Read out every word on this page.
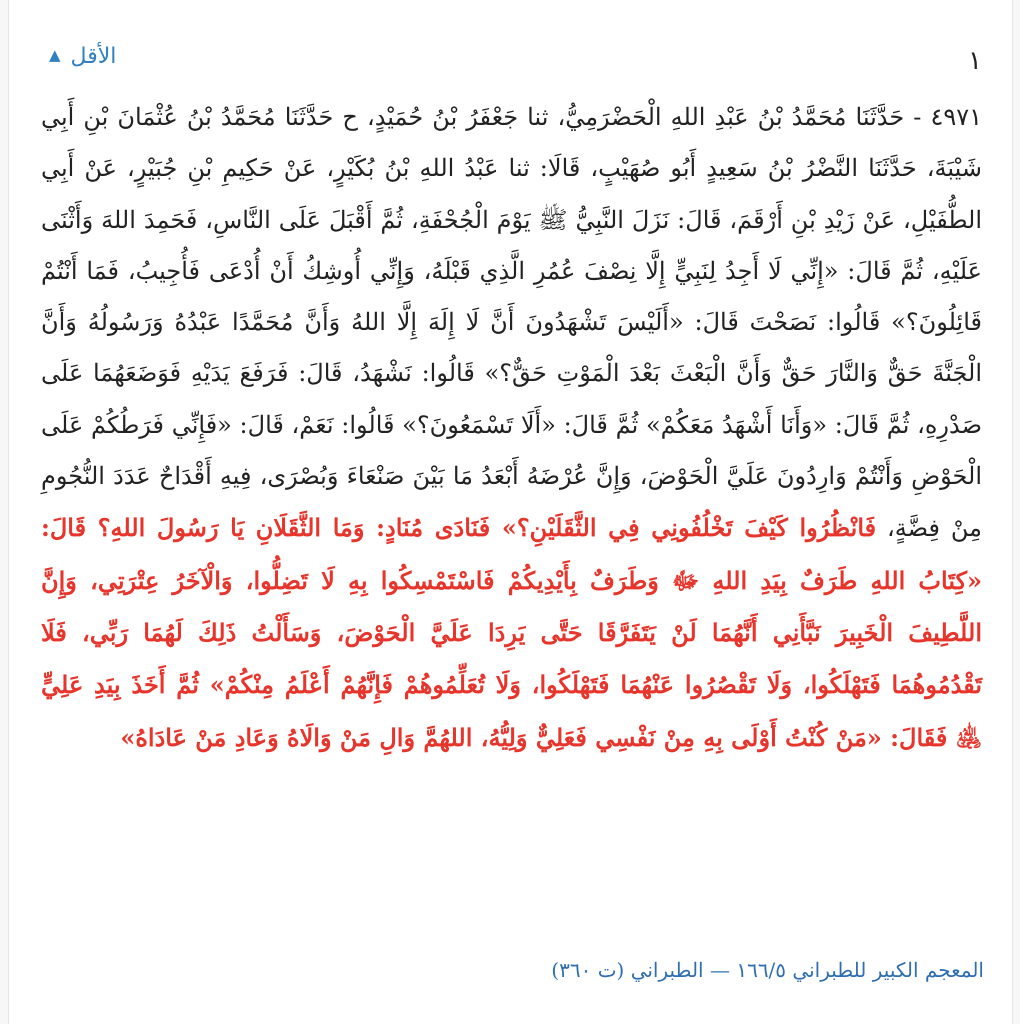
١
▲ الأقل
٤٩٧١ - حَدَّثَنَا مُحَمَّدُ بْنُ عَبْدِ اللهِ الْحَضْرَمِيُّ، ثنا جَعْفَرُ بْنُ حُمَيْدٍ، ح حَدَّثَنَا مُحَمَّدُ بْنُ عُثْمَانَ بْنِ أَبِي شَيْبَةَ، حَدَّثَنَا النَّضْرُ بْنُ سَعِيدٍ أَبُو صُهَيْبٍ، قَالَا: ثنا عَبْدُ اللهِ بْنُ بُكَيْرٍ، عَنْ حَكِيمِ بْنِ جُبَيْرٍ، عَنْ أَبِي الطُّفَيْلِ، عَنْ زَيْدِ بْنِ أَرْقَمَ، قَالَ: نَزَلَ النَّبِيُّ ﷺ يَوْمَ الْجُحْفَةِ، ثُمَّ أَقْبَلَ عَلَى النَّاسِ، فَحَمِدَ اللهَ وَأَثْنَى عَلَيْهِ، ثُمَّ قَالَ: «إِنِّي لَا أَجِدُ لِنَبِيٍّ إِلَّا نِصْفَ عُمُرِ الَّذِي قَبْلَهُ، وَإِنِّي أُوشِكُ أَنْ أُدْعَى فَأُجِيبُ، فَمَا أَنْتُمْ قَائِلُونَ؟» قَالُوا: نَصَحْتَ قَالَ: «أَلَيْسَ تَشْهَدُونَ أَنَّ لَا إِلَهَ إِلَّا اللهُ وَأَنَّ مُحَمَّدًا عَبْدُهُ وَرَسُولُهُ وَأَنَّ الْجَنَّةَ حَقٌّ وَالنَّارَ حَقٌّ وَأَنَّ الْبَعْثَ بَعْدَ الْمَوْتِ حَقٌّ؟» قَالُوا: نَشْهَدُ، قَالَ: فَرَفَعَ يَدَيْهِ فَوَضَعَهُمَا عَلَى صَدْرِهِ، ثُمَّ قَالَ: «وَأَنَا أَشْهَدُ مَعَكُمْ» ثُمَّ قَالَ: «أَلَا تَسْمَعُونَ؟» قَالُوا: نَعَمْ، قَالَ: «فَإِنِّي فَرَطُكُمْ عَلَى الْحَوْضِ وَأَنْتُمْ وَارِدُونَ عَلَيَّ الْحَوْضَ، وَإِنَّ عُرْضَهُ أَبْعَدُ مَا بَيْنَ صَنْعَاءَ وَبُصْرَى، فِيهِ أَقْدَاحٌ عَدَدَ النُّجُومِ مِنْ فِضَّةٍ، فَانْظُرُوا كَيْفَ تَخْلُفُونِي فِي الثَّقَلَيْنِ؟» فَنَادَى مُنَادٍ: وَمَا الثَّقَلَانِ يَا رَسُولَ اللهِ؟ قَالَ: «كِتَابُ اللهِ طَرَفٌ بِيَدِ اللهِ ﷻ وَطَرَفٌ بِأَيْدِيكُمْ فَاسْتَمْسِكُوا بِهِ لَا تَضِلُّوا، وَالْآخَرُ عِتْرَتِي، وَإِنَّ اللَّطِيفَ الْخَبِيرَ نَبَّأَنِي أَنَّهُمَا لَنْ يَتَفَرَّقَا حَتَّى يَرِدَا عَلَيَّ الْحَوْضَ، وَسَأَلْتُ ذَلِكَ لَهُمَا رَبِّي، فَلَا تَقْدُمُوهُمَا فَتَهْلَكُوا، وَلَا تَقْصُرُوا عَنْهُمَا فَتَهْلَكُوا، وَلَا تُعَلِّمُوهُمْ فَإِنَّهُمْ أَعْلَمُ مِنْكُمْ» ثُمَّ أَخَذَ بِيَدِ عَلِيٍّ ﵁ فَقَالَ: «مَنْ كُنْتُ أَوْلَى بِهِ مِنْ نَفْسِي فَعَلِيٌّ وَلِيُّهُ، اللهُمَّ وَالِ مَنْ وَالَاهُ وَعَادِ مَنْ عَادَاهُ»
المعجم الكبير للطبراني ١٦٦/٥ — الطبراني (ت ٣٦٠)
